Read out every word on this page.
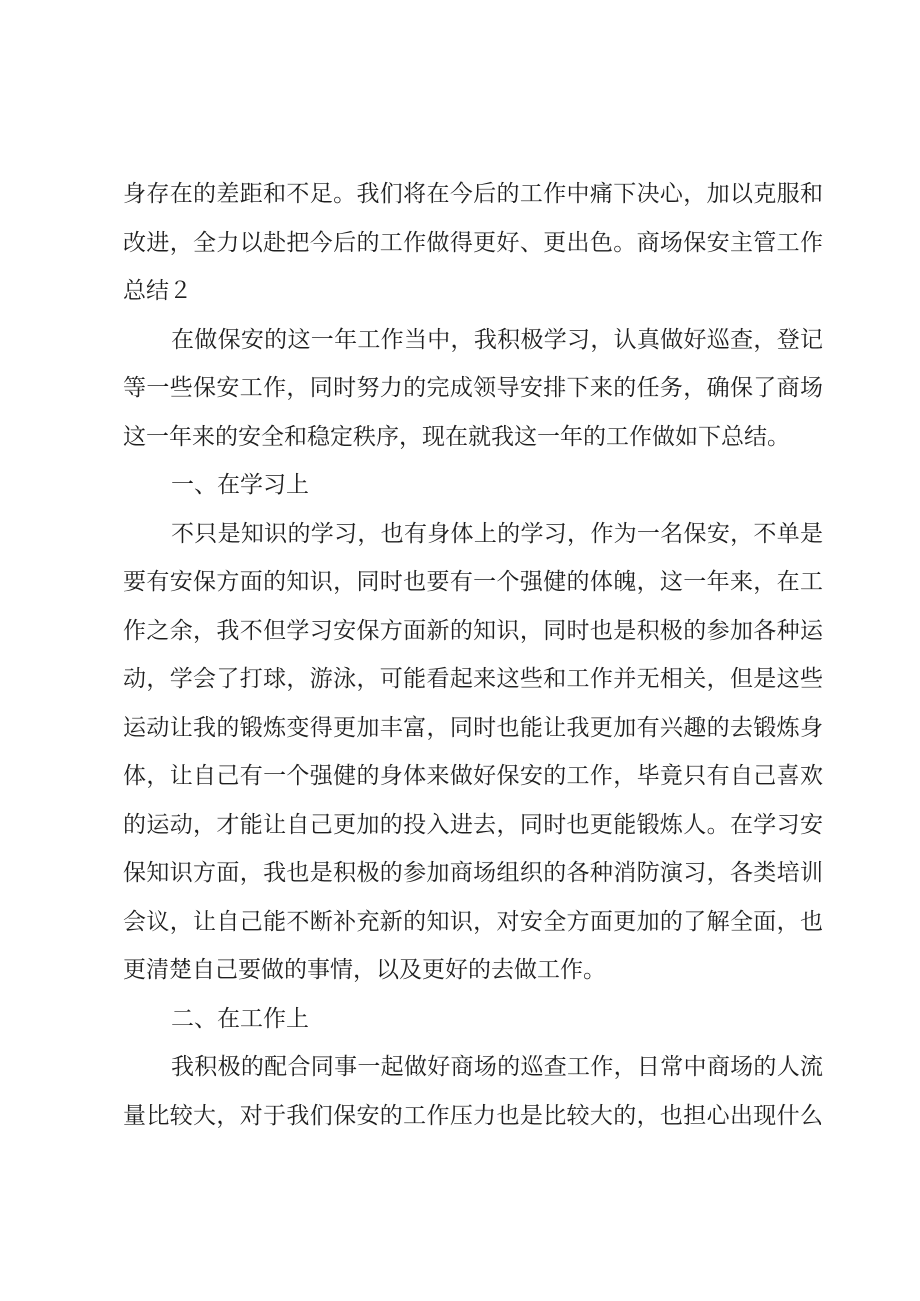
身存在的差距和不足。我们将在今后的工作中痛下决心，加以克服和
改进，全力以赴把今后的工作做得更好、更出色。商场保安主管工作
总结２
在做保安的这一年工作当中，我积极学习，认真做好巡查，登记
等一些保安工作，同时努力的完成领导安排下来的任务，确保了商场
这一年来的安全和稳定秩序，现在就我这一年的工作做如下总结。
一、在学习上
不只是知识的学习，也有身体上的学习，作为一名保安，不单是
要有安保方面的知识，同时也要有一个强健的体魄，这一年来，在工
作之余，我不但学习安保方面新的知识，同时也是积极的参加各种运
动，学会了打球，游泳，可能看起来这些和工作并无相关，但是这些
运动让我的锻炼变得更加丰富，同时也能让我更加有兴趣的去锻炼身
体，让自己有一个强健的身体来做好保安的工作，毕竟只有自己喜欢
的运动，才能让自己更加的投入进去，同时也更能锻炼人。在学习安
保知识方面，我也是积极的参加商场组织的各种消防演习，各类培训
会议，让自己能不断补充新的知识，对安全方面更加的了解全面，也
更清楚自己要做的事情，以及更好的去做工作。
二、在工作上
我积极的配合同事一起做好商场的巡查工作，日常中商场的人流
量比较大，对于我们保安的工作压力也是比较大的，也担心出现什么
